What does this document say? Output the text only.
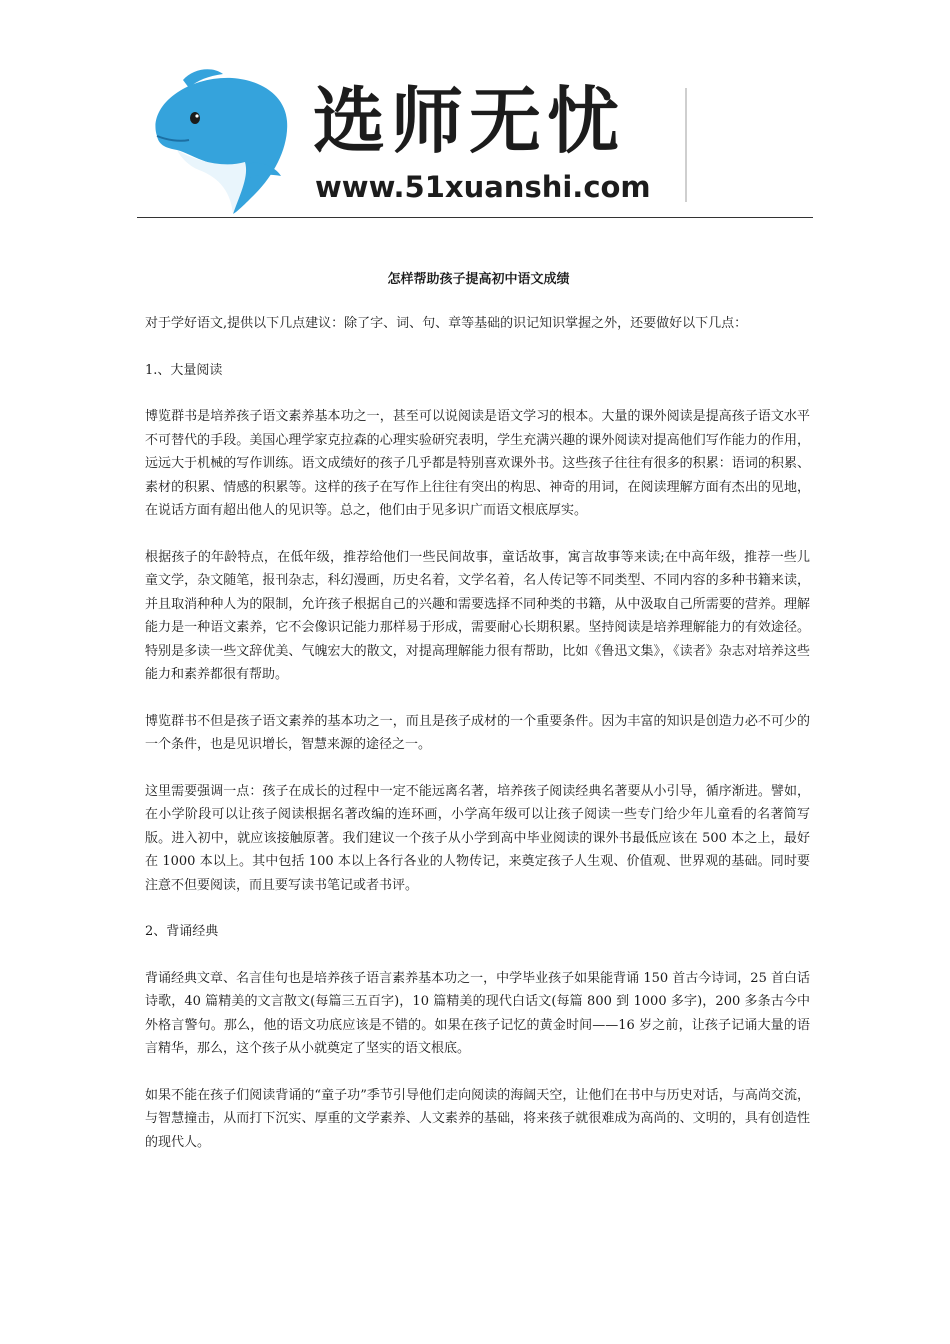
选师无忧

www.51xuanshi.com

怎样帮助孩子提高初中语文成绩

对于学好语文,提供以下几点建议：除了字、词、句、章等基础的识记知识掌握之外，还要做好以下几点：

1.、大量阅读

博览群书是培养孩子语文素养基本功之一，甚至可以说阅读是语文学习的根本。大量的课外阅读是提高孩子语文水平不可替代的手段。美国心理学家克拉森的心理实验研究表明，学生充满兴趣的课外阅读对提高他们写作能力的作用，远远大于机械的写作训练。语文成绩好的孩子几乎都是特别喜欢课外书。这些孩子往往有很多的积累：语词的积累、素材的积累、情感的积累等。这样的孩子在写作上往往有突出的构思、神奇的用词，在阅读理解方面有杰出的见地，在说话方面有超出他人的见识等。总之，他们由于见多识广而语文根底厚实。

根据孩子的年龄特点，在低年级，推荐给他们一些民间故事，童话故事，寓言故事等来读;在中高年级，推荐一些儿童文学，杂文随笔，报刊杂志，科幻漫画，历史名着，文学名着，名人传记等不同类型、不同内容的多种书籍来读，并且取消种种人为的限制，允许孩子根据自己的兴趣和需要选择不同种类的书籍，从中汲取自己所需要的营养。理解能力是一种语文素养，它不会像识记能力那样易于形成，需要耐心长期积累。坚持阅读是培养理解能力的有效途径。特别是多读一些文辞优美、气魄宏大的散文，对提高理解能力很有帮助，比如《鲁迅文集》，《读者》杂志对培养这些能力和素养都很有帮助。

博览群书不但是孩子语文素养的基本功之一，而且是孩子成材的一个重要条件。因为丰富的知识是创造力必不可少的一个条件，也是见识增长，智慧来源的途径之一。

这里需要强调一点：孩子在成长的过程中一定不能远离名著，培养孩子阅读经典名著要从小引导，循序渐进。譬如，在小学阶段可以让孩子阅读根据名著改编的连环画，小学高年级可以让孩子阅读一些专门给少年儿童看的名著简写版。进入初中，就应该接触原著。我们建议一个孩子从小学到高中毕业阅读的课外书最低应该在 500 本之上，最好在 1000 本以上。其中包括 100 本以上各行各业的人物传记，来奠定孩子人生观、价值观、世界观的基础。同时要注意不但要阅读，而且要写读书笔记或者书评。

2、背诵经典

背诵经典文章、名言佳句也是培养孩子语言素养基本功之一，中学毕业孩子如果能背诵 150 首古今诗词，25 首白话诗歌，40 篇精美的文言散文(每篇三五百字)，10 篇精美的现代白话文(每篇 800 到 1000 多字)，200 多条古今中外格言警句。那么，他的语文功底应该是不错的。如果在孩子记忆的黄金时间——16 岁之前，让孩子记诵大量的语言精华，那么，这个孩子从小就奠定了坚实的语文根底。

如果不能在孩子们阅读背诵的“童子功”季节引导他们走向阅读的海阔天空，让他们在书中与历史对话，与高尚交流，与智慧撞击，从而打下沉实、厚重的文学素养、人文素养的基础，将来孩子就很难成为高尚的、文明的，具有创造性的现代人。
